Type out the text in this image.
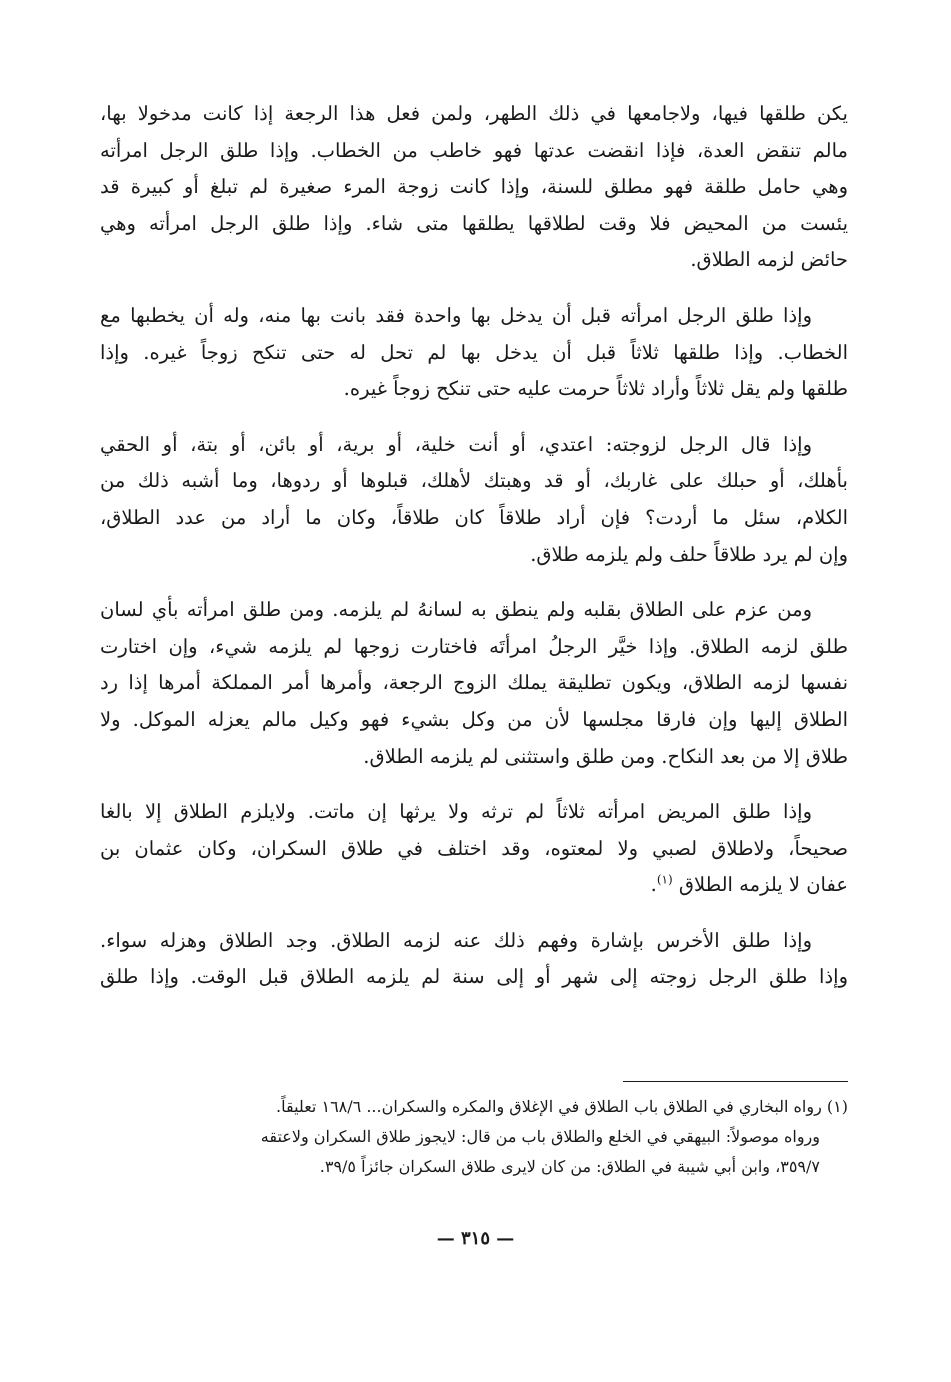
يكن طلقها فيها، ولاجامعها في ذلك الطهر، ولمن فعل هذا الرجعة إذا كانت مدخولا بها،
مالم تنقض العدة، فإذا انقضت عدتها فهو خاطب من الخطاب. وإذا طلق الرجل امرأته
وهي حامل طلقة فهو مطلق للسنة، وإذا كانت زوجة المرء صغيرة لم تبلغ أو كبيرة قد
يئست من المحيض فلا وقت لطلاقها يطلقها متى شاء. وإذا طلق الرجل امرأته وهي
حائض لزمه الطلاق.
وإذا طلق الرجل امرأته قبل أن يدخل بها واحدة فقد بانت بها منه، وله أن يخطبها مع
الخطاب. وإذا طلقها ثلاثاً قبل أن يدخل بها لم تحل له حتى تنكح زوجاً غيره. وإذا
طلقها ولم يقل ثلاثاً وأراد ثلاثاً حرمت عليه حتى تنكح زوجاً غيره.
وإذا قال الرجل لزوجته: اعتدي، أو أنت خلية، أو برية، أو بائن، أو بتة، أو الحقي
بأهلك، أو حبلك على غاربك، أو قد وهبتك لأهلك، قبلوها أو ردوها، وما أشبه ذلك من
الكلام، سئل ما أردت؟ فإن أراد طلاقاً كان طلاقاً، وكان ما أراد من عدد الطلاق،
وإن لم يرد طلاقاً حلف ولم يلزمه طلاق.
ومن عزم على الطلاق بقلبه ولم ينطق به لسانهُ لم يلزمه. ومن طلق امرأته بأي لسان
طلق لزمه الطلاق. وإذا خيَّر الرجلُ امرأتَه فاختارت زوجها لم يلزمه شيء، وإن اختارت
نفسها لزمه الطلاق، ويكون تطليقة يملك الزوج الرجعة، وأمرها أمر المملكة أمرها إذا رد
الطلاق إليها وإن فارقا مجلسها لأن من وكل بشيء فهو وكيل مالم يعزله الموكل. ولا
طلاق إلا من بعد النكاح. ومن طلق واستثنى لم يلزمه الطلاق.
وإذا طلق المريض امرأته ثلاثاً لم ترثه ولا يرثها إن ماتت. ولايلزم الطلاق إلا بالغا
صحيحاً، ولاطلاق لصبي ولا لمعتوه، وقد اختلف في طلاق السكران، وكان عثمان بن
عفان لا يلزمه الطلاق $^{(١)}$.
وإذا طلق الأخرس بإشارة وفهم ذلك عنه لزمه الطلاق. وجد الطلاق وهزله سواء.
وإذا طلق الرجل زوجته إلى شهر أو إلى سنة لم يلزمه الطلاق قبل الوقت. وإذا طلق
(١) رواه البخاري في الطلاق باب الطلاق في الإغلاق والمكره والسكران... ١٦٨/٦ تعليقاً.
ورواه موصولاً: البيهقي في الخلع والطلاق باب من قال: لايجوز طلاق السكران ولاعتقه
٣٥٩/٧، وابن أبي شيبة في الطلاق: من كان لايرى طلاق السكران جائزاً ٣٩/٥.
— ٣١٥ —
